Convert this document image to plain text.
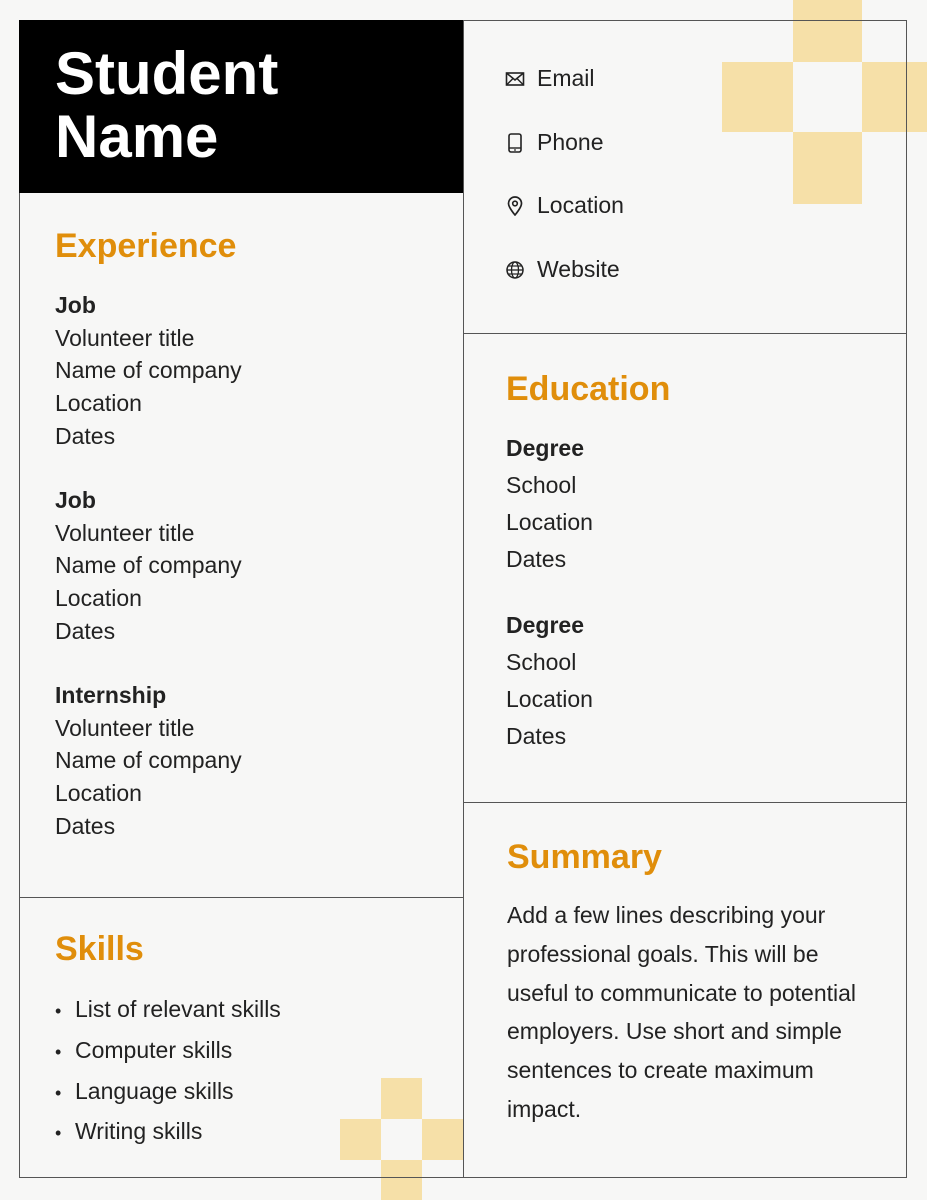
Student
Name
Email
Phone
Location
Website
Experience
Job
Volunteer title
Name of company
Location
Dates
Job
Volunteer title
Name of company
Location
Dates
Internship
Volunteer title
Name of company
Location
Dates
Education
Degree
School
Location
Dates
Degree
School
Location
Dates
Skills
• List of relevant skills
• Computer skills
• Language skills
• Writing skills
Summary
Add a few lines describing your professional goals. This will be useful to communicate to potential employers. Use short and simple sentences to create maximum impact.
